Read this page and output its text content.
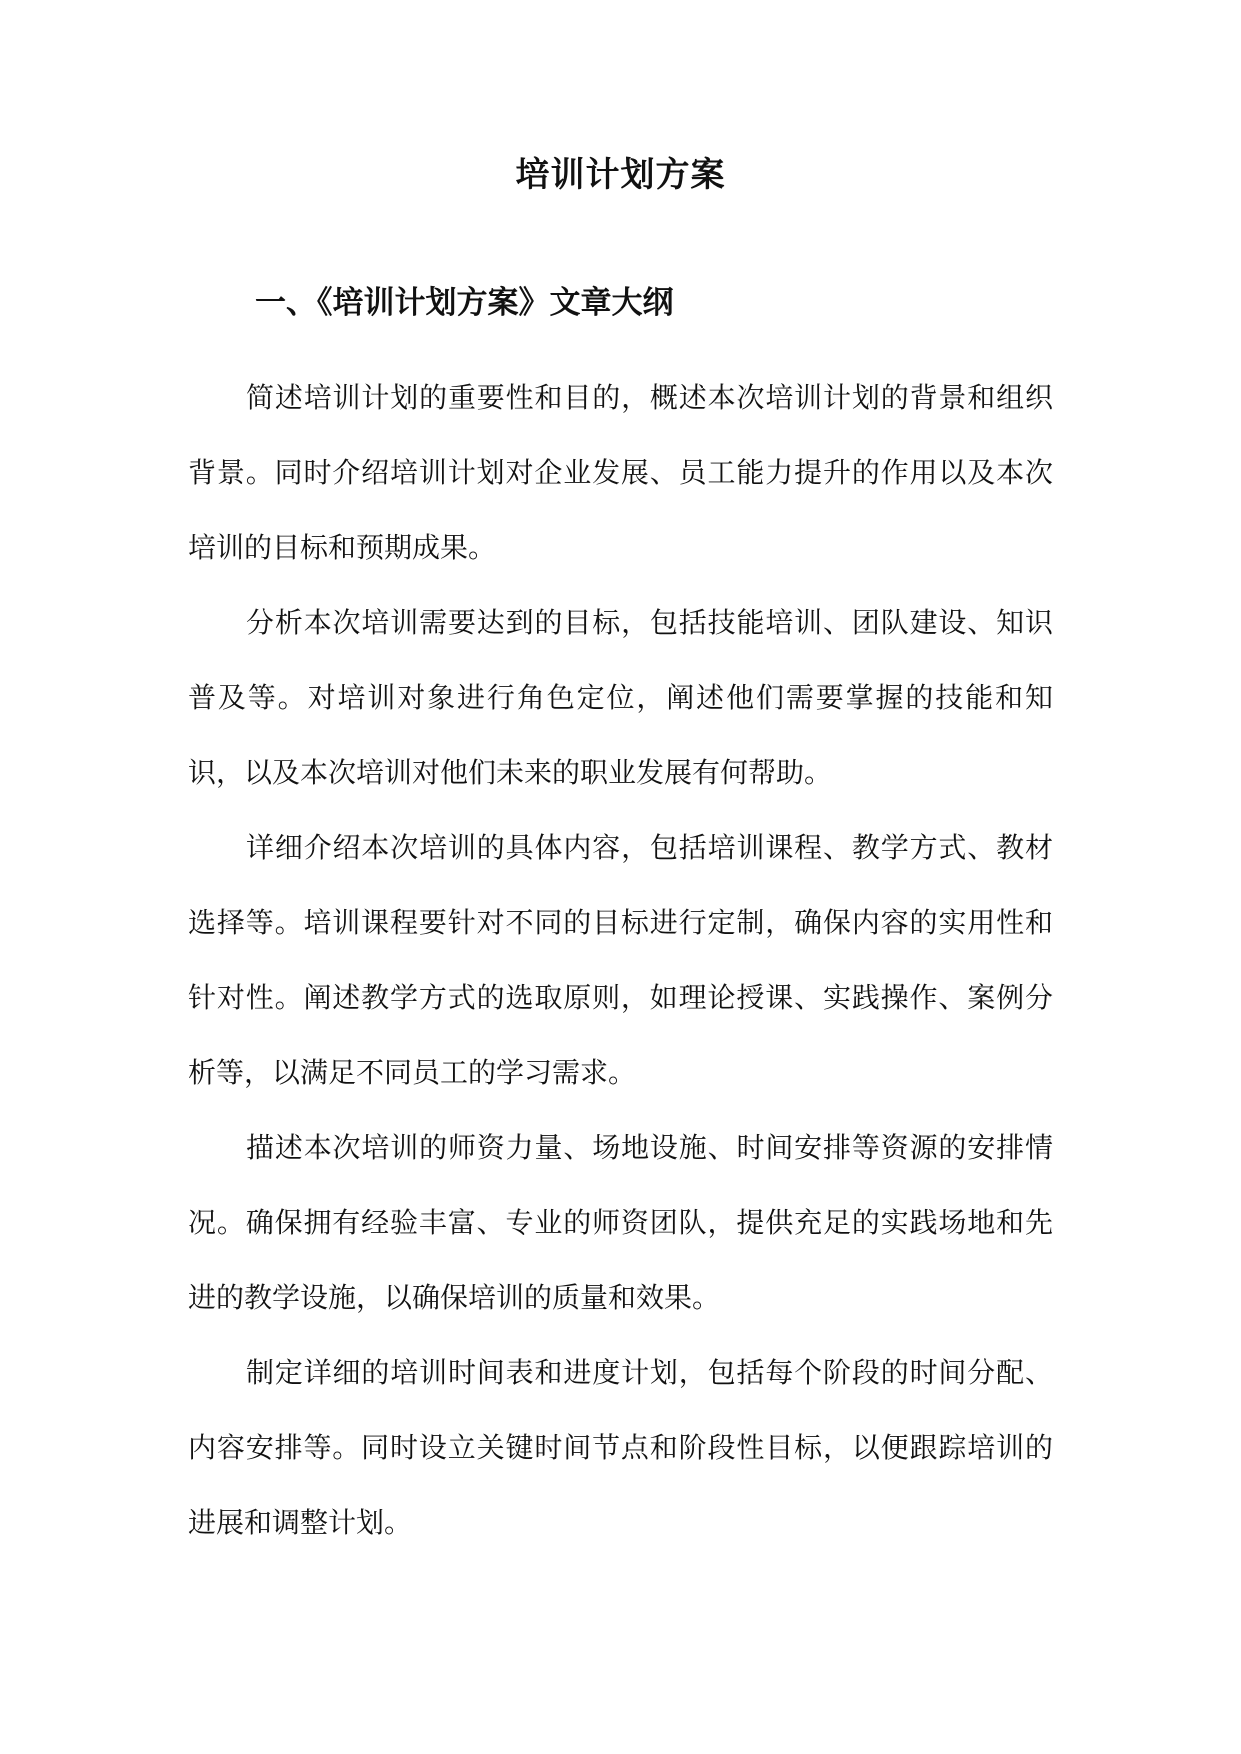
培训计划方案
一、《培训计划方案》文章大纲

简述培训计划的重要性和目的，概述本次培训计划的背景和组织背景。同时介绍培训计划对企业发展、员工能力提升的作用以及本次培训的目标和预期成果。

分析本次培训需要达到的目标，包括技能培训、团队建设、知识普及等。对培训对象进行角色定位，阐述他们需要掌握的技能和知识，以及本次培训对他们未来的职业发展有何帮助。

详细介绍本次培训的具体内容，包括培训课程、教学方式、教材选择等。培训课程要针对不同的目标进行定制，确保内容的实用性和针对性。阐述教学方式的选取原则，如理论授课、实践操作、案例分析等，以满足不同员工的学习需求。

描述本次培训的师资力量、场地设施、时间安排等资源的安排情况。确保拥有经验丰富、专业的师资团队，提供充足的实践场地和先进的教学设施，以确保培训的质量和效果。

制定详细的培训时间表和进度计划，包括每个阶段的时间分配、内容安排等。同时设立关键时间节点和阶段性目标，以便跟踪培训的进展和调整计划。
